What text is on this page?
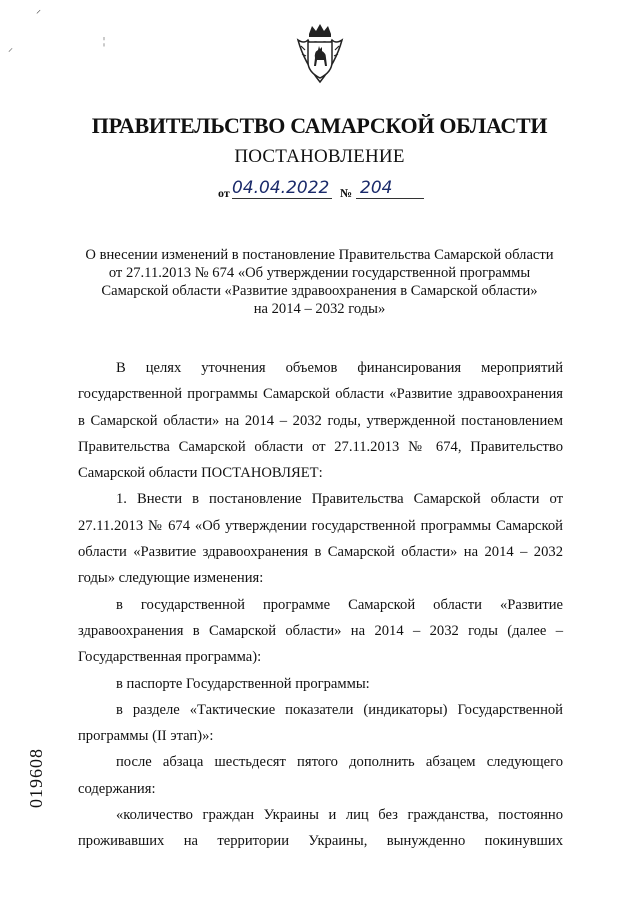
⸍
⸝
¦
ПРАВИТЕЛЬСТВО САМАРСКОЙ ОБЛАСТИ
ПОСТАНОВЛЕНИЕ
от 04.04.2022 № 204
О внесении изменений в постановление Правительства Самарской области
от 27.11.2013 № 674 «Об утверждении государственной программы
Самарской области «Развитие здравоохранения в Самарской области»
на 2014 – 2032 годы»

В целях уточнения объемов финансирования мероприятий государственной программы Самарской области «Развитие здравоохранения в Самарской области» на 2014 – 2032 годы, утвержденной постановлением Правительства Самарской области от 27.11.2013 № 674, Правительство Самарской области ПОСТАНОВЛЯЕТ:

1. Внести в постановление Правительства Самарской области от 27.11.2013 № 674 «Об утверждении государственной программы Самарской области «Развитие здравоохранения в Самарской области» на 2014 – 2032 годы» следующие изменения:

в государственной программе Самарской области «Развитие здравоохранения в Самарской области» на 2014 – 2032 годы (далее – Государственная программа):

в паспорте Государственной программы:

в разделе «Тактические показатели (индикаторы) Государственной программы (II этап)»:

после абзаца шестьдесят пятого дополнить абзацем следующего содержания:

«количество граждан Украины и лиц без гражданства, постоянно проживавших на территории Украины, вынужденно покинувших

019608
